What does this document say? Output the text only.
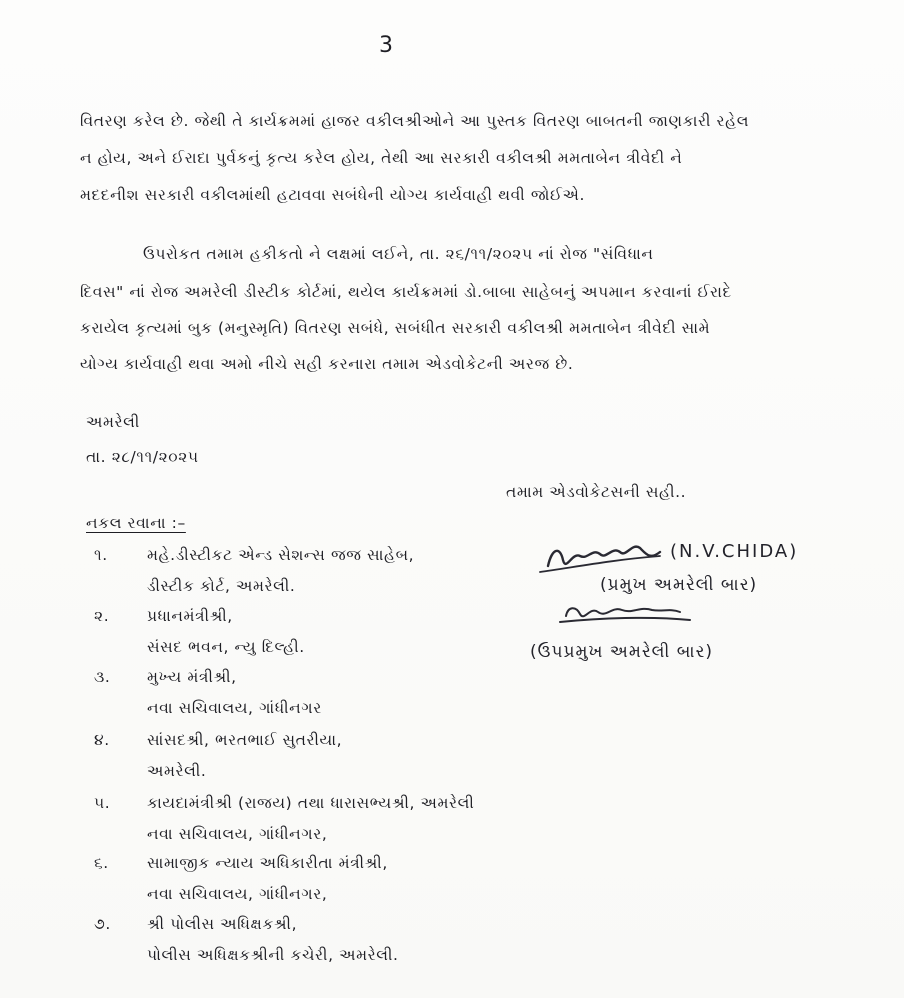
3
વિતરણ કરેલ છે. જેથી તે કાર્યક્રમમાં હાજર વકીલશ્રીઓને આ પુસ્તક વિતરણ બાબતની જાણકારી રહેલ
ન હોય, અને ઈરાદા પુર્વકનું કૃત્ય કરેલ હોય, તેથી આ સરકારી વકીલશ્રી મમતાબેન ત્રીવેદી ને
મદદનીશ સરકારી વકીલમાંથી હટાવવા સબંધેની યોગ્ય કાર્યવાહી થવી જોઈએ.
ઉપરોકત તમામ હકીકતો ને લક્ષમાં લઈને, તા. ૨૬/૧૧/૨૦૨૫ નાં રોજ "સંવિધાન
દિવસ" નાં રોજ અમરેલી ડીસ્ટીક કોર્ટમાં, થયેલ કાર્યક્રમમાં ડો.બાબા સાહેબનું અપમાન કરવાનાં ઈરાદે
કરાયેલ કૃત્યમાં બુક (મનુસ્મૃતિ) વિતરણ સબંધે, સબંધીત સરકારી વકીલશ્રી મમતાબેન ત્રીવેદી સામે
યોગ્ય કાર્યવાહી થવા અમો નીચે સહી કરનારા તમામ એડવોકેટની અરજ છે.
અમરેલી
તા. ૨૮/૧૧/૨૦૨૫
તમામ એડવોકેટસની સહી..
નકલ રવાના :–
૧.	મહે.ડીસ્ટીકટ એન્ડ સેશન્સ જજ સાહેબ,
ડીસ્ટીક કોર્ટ, અમરેલી.
૨. પ્રધાનમંત્રીશ્રી,
સંસદ ભવન, ન્યુ દિલ્હી.
૩. મુખ્ય મંત્રીશ્રી,
નવા સચિવાલય, ગાંધીનગર
૪. સાંસદશ્રી, ભરતભાઈ સુતરીયા,
અમરેલી.
૫. કાયદામંત્રીશ્રી (રાજય) તથા ધારાસભ્યશ્રી, અમરેલી
નવા સચિવાલય, ગાંધીનગર,
૬. સામાજીક ન્યાય અધિકારીતા મંત્રીશ્રી,
નવા સચિવાલય, ગાંધીનગર,
૭. શ્રી પોલીસ અધિક્ષકશ્રી,
પોલીસ અધિક્ષકશ્રીની કચેરી, અમરેલી.
(N.V.CHIDA)
(પ્રમુખ અમરેલી બાર)
(ઉપપ્રમુખ અમરેલી બાર)
